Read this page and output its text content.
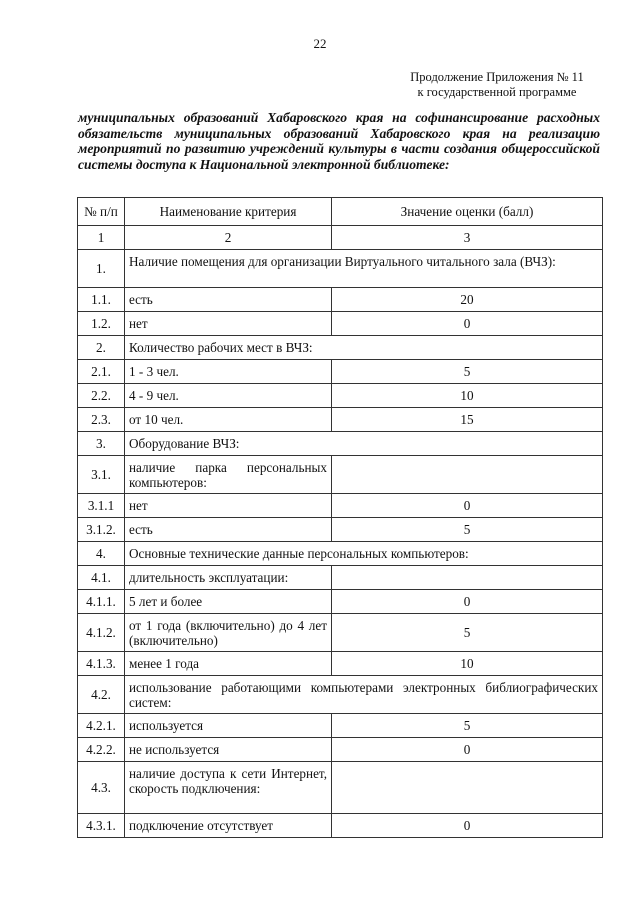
22
Продолжение Приложения № 11
к государственной программе
муниципальных образований Хабаровского края на софинансирование расходных обязательств муниципальных образований Хабаровского края на реализацию мероприятий по развитию учреждений культуры в части создания общероссийской системы доступа к Национальной электронной библиотеке:
№ п/п	Наименование критерия	Значение оценки (балл)
1	2	3
1.	Наличие помещения для организации Виртуального читального зала (ВЧЗ):	
1.1.	есть	20
1.2.	нет	0
2.	Количество рабочих мест в ВЧЗ:	
2.1.	1 - 3 чел.	5
2.2.	4 - 9 чел.	10
2.3.	от 10 чел.	15
3.	Оборудование ВЧЗ:	
3.1.	наличие парка персональных компьютеров:	
3.1.1	нет	0
3.1.2.	есть	5
4.	Основные технические данные персональных компьютеров:	
4.1.	длительность эксплуатации:	
4.1.1.	5 лет и более	0
4.1.2.	от 1 года (включительно) до 4 лет (включительно)	5
4.1.3.	менее 1 года	10
4.2.	использование работающими компьютерами электронных библиографических систем:	
4.2.1.	используется	5
4.2.2.	не используется	0
4.3.	наличие доступа к сети Интернет, скорость подключения:	
4.3.1.	подключение отсутствует	0
